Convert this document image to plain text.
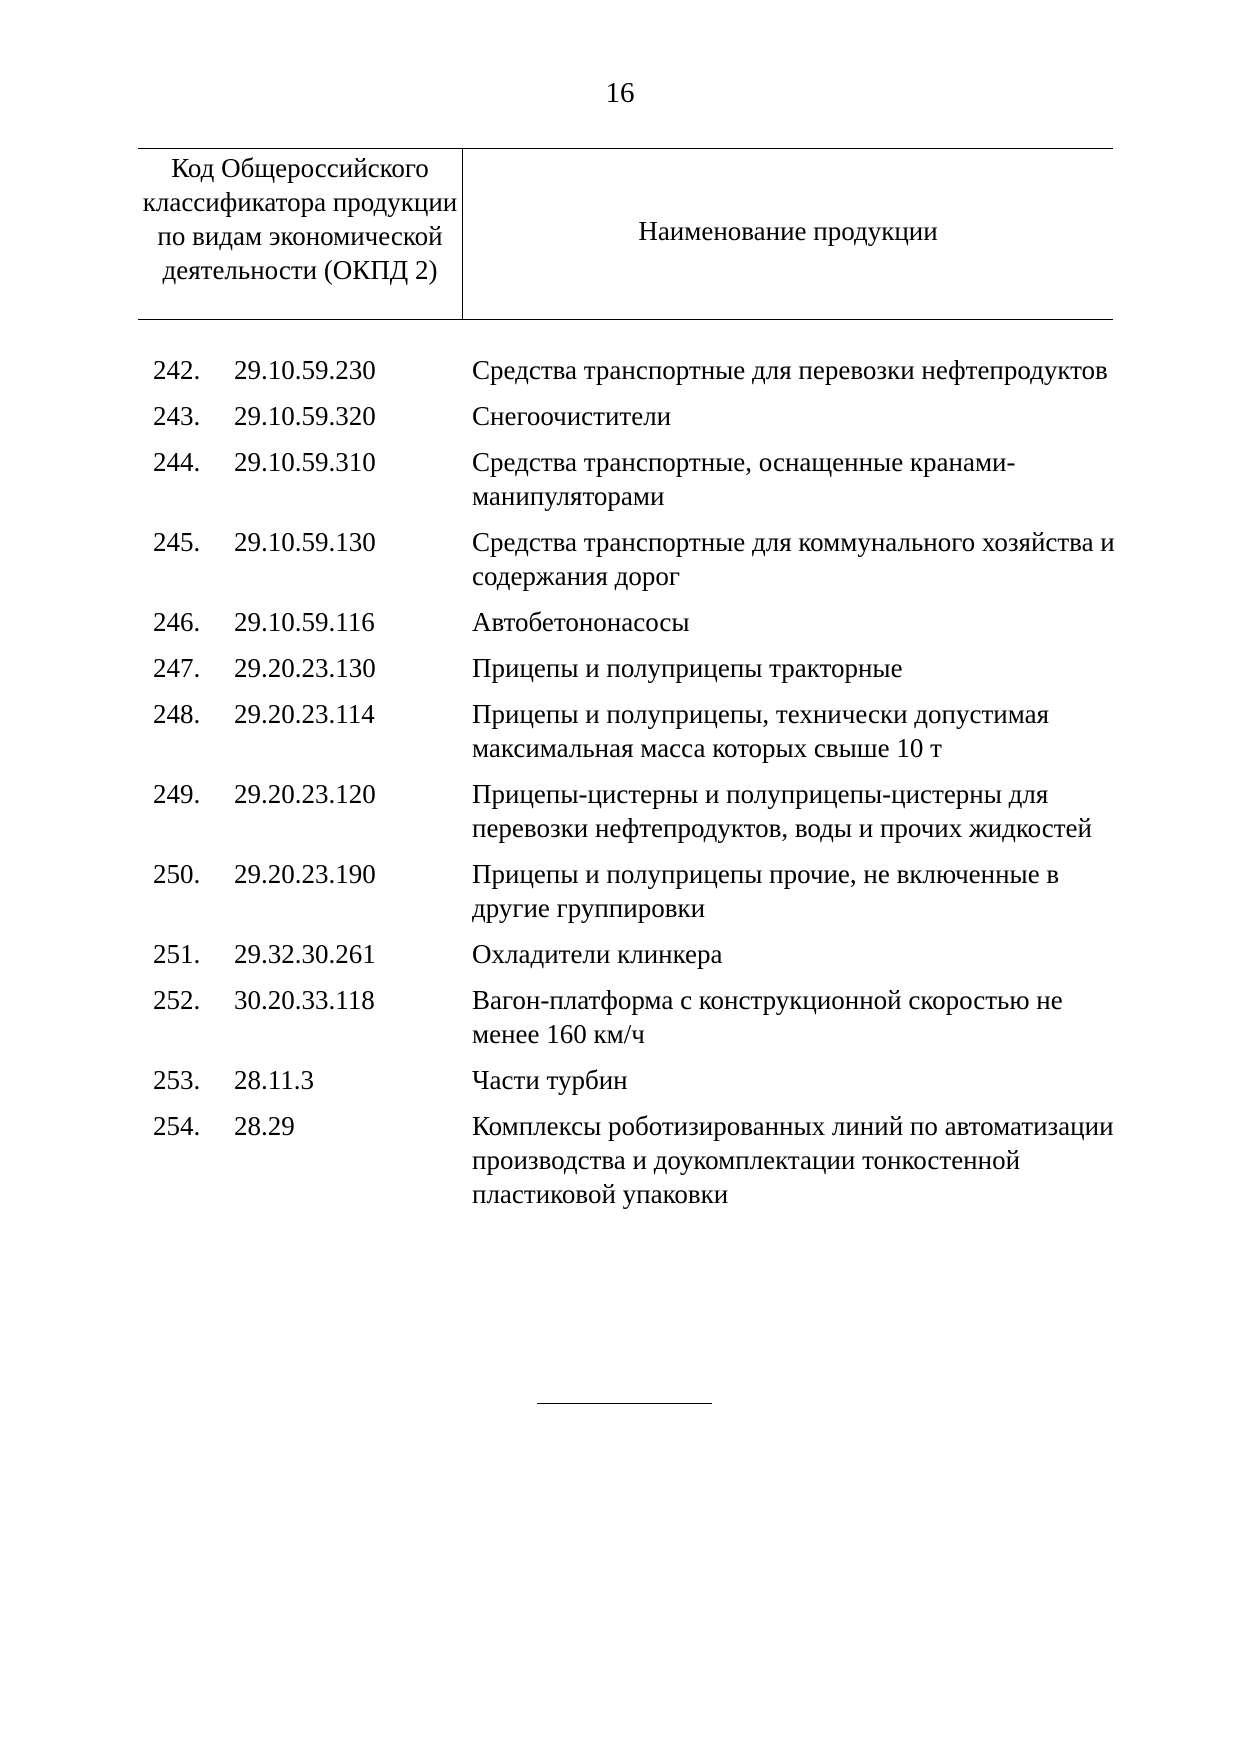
16
Код Общероссийского классификатора продукции по видам экономической деятельности (ОКПД 2)
Наименование продукции
242.	29.10.59.230	Средства транспортные для перевозки нефтепродуктов
243.	29.10.59.320	Снегоочистители
244.	29.10.59.310	Средства транспортные, оснащенные кранами-манипуляторами
245.	29.10.59.130	Средства транспортные для коммунального хозяйства и содержания дорог
246.	29.10.59.116	Автобетононасосы
247.	29.20.23.130	Прицепы и полуприцепы тракторные
248.	29.20.23.114	Прицепы и полуприцепы, технически допустимая максимальная масса которых свыше 10 т
249.	29.20.23.120	Прицепы-цистерны и полуприцепы-цистерны для перевозки нефтепродуктов, воды и прочих жидкостей
250.	29.20.23.190	Прицепы и полуприцепы прочие, не включенные в другие группировки
251.	29.32.30.261	Охладители клинкера
252.	30.20.33.118	Вагон-платформа с конструкционной скоростью не менее 160 км/ч
253.	28.11.3	Части турбин
254.	28.29	Комплексы роботизированных линий по автоматизации производства и доукомплектации тонкостенной пластиковой упаковки
